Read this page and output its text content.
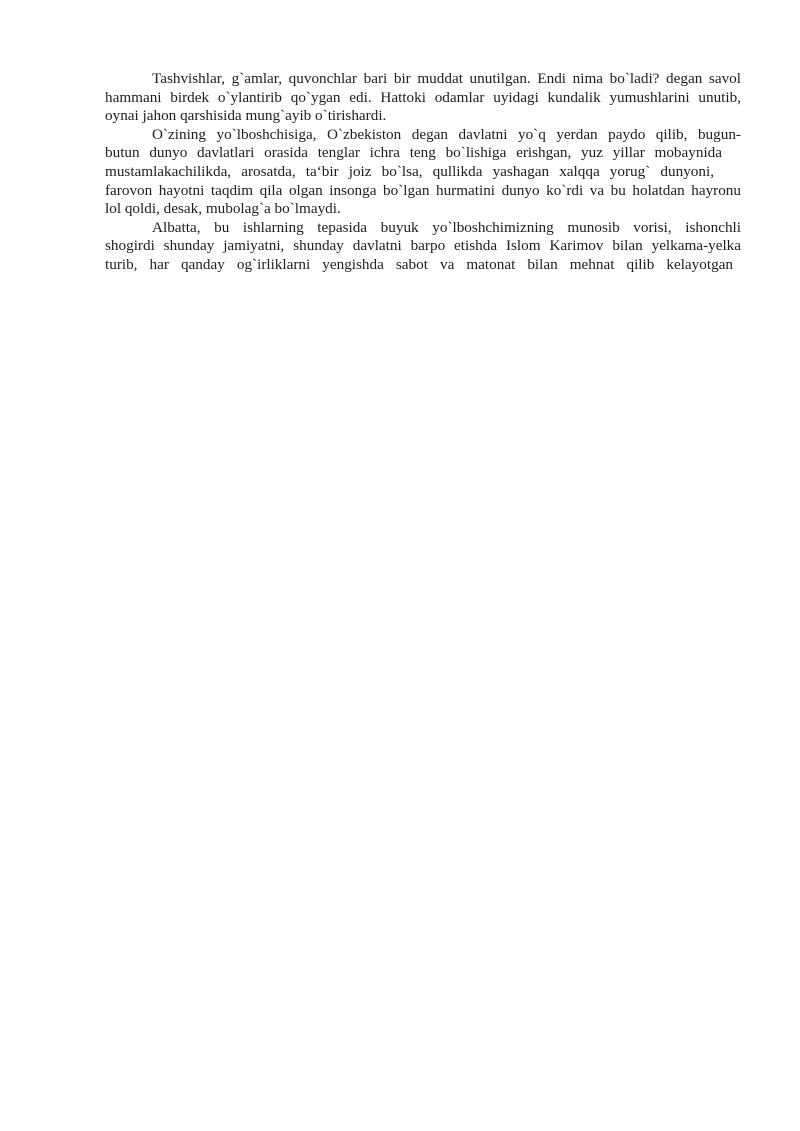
Tashvishlar, g`amlar, quvonchlar bari bir muddat unutilgan. Endi nima bo`ladi? degan savol
hammani birdek o`ylantirib qo`ygan edi. Hattoki odamlar uyidagi kundalik yumushlarini unutib,
oynai jahon qarshisida mung`ayib o`tirishardi.
O`zining yo`lboshchisiga, O`zbekiston degan davlatni yo`q yerdan paydo qilib, bugun-
butun dunyo davlatlari orasida tenglar ichra teng bo`lishiga erishgan, yuz yillar mobaynida
mustamlakachilikda, arosatda, ta‘bir joiz bo`lsa, qullikda yashagan xalqqa yorug` dunyoni,
farovon hayotni taqdim qila olgan insonga bo`lgan hurmatini dunyo ko`rdi va bu holatdan hayronu
lol qoldi, desak, mubolag`a bo`lmaydi.
Albatta, bu ishlarning tepasida buyuk yo`lboshchimizning munosib vorisi, ishonchli
shogirdi shunday jamiyatni, shunday davlatni barpo etishda Islom Karimov bilan yelkama-yelka
turib, har qanday og`irliklarni yengishda sabot va matonat bilan mehnat qilib kelayotgan
